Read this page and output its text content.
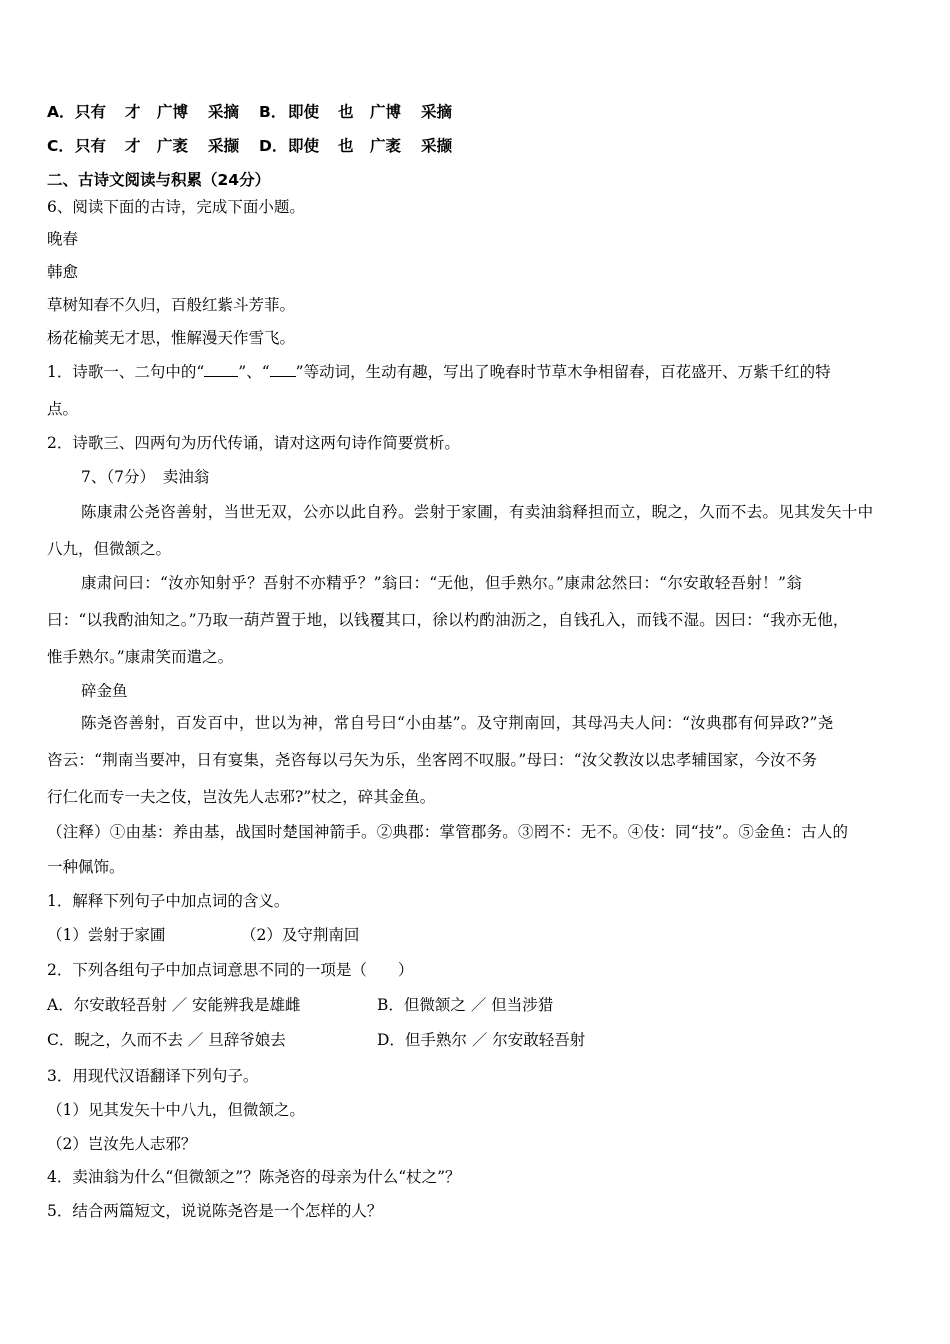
A． 只有 才 广博 采摘 B． 即使 也 广博 采摘
C． 只有 才 广袤 采撷 D． 即使 也 广袤 采撷
二、古诗文阅读与积累（24分）
6、阅读下面的古诗，完成下面小题。
晚春
韩愈
草树知春不久归，百般红紫斗芳菲。
杨花榆荚无才思，惟解漫天作雪飞。
1．诗歌一、二句中的“ ”、“ ”等动词，生动有趣，写出了晚春时节草木争相留春，百花盛开、万紫千红的特
点。
2．诗歌三、四两句为历代传诵，请对这两句诗作简要赏析。
7、（7分）　卖油翁
陈康肃公尧咨善射，当世无双，公亦以此自矜。尝射于家圃，有卖油翁释担而立，睨之，久而不去。见其发矢十中
八九，但微颔之。
康肃问曰：“汝亦知射乎？吾射不亦精乎？”翁曰：“无他，但手熟尔。”康肃忿然曰：“尔安敢轻吾射！”翁
曰：“以我酌油知之。”乃取一葫芦置于地，以钱覆其口，徐以杓酌油沥之，自钱孔入，而钱不湿。因曰：“我亦无他，
惟手熟尔。”康肃笑而遣之。
碎金鱼
陈尧咨善射，百发百中，世以为神，常自号曰“小由基”。及守荆南回，其母冯夫人问：“汝典郡有何异政?”尧
咨云：“荆南当要冲，日有宴集，尧咨每以弓矢为乐，坐客罔不叹服。”母曰：“汝父教汝以忠孝辅国家，今汝不务
行仁化而专一夫之伎，岂汝先人志邪?”杖之，碎其金鱼。
（注释）①由基：养由基，战国时楚国神箭手。②典郡：掌管郡务。③罔不：无不。④伎：同“技”。⑤金鱼：古人的
一种佩饰。
1．解释下列句子中加点词的含义。
（1）尝射于家圃	（2）及守荆南回
2．下列各组句子中加点词意思不同的一项是（　　）
A．尔安敢轻吾射 ／ 安能辨我是雄雌	B．但微颔之 ／ 但当涉猎
C．睨之，久而不去 ／ 旦辞爷娘去	D．但手熟尔 ／ 尔安敢轻吾射
3．用现代汉语翻译下列句子。
（1）见其发矢十中八九，但微颔之。
（2）岂汝先人志邪？
4．卖油翁为什么“但微颔之”？陈尧咨的母亲为什么“杖之”？
5．结合两篇短文，说说陈尧咨是一个怎样的人？
